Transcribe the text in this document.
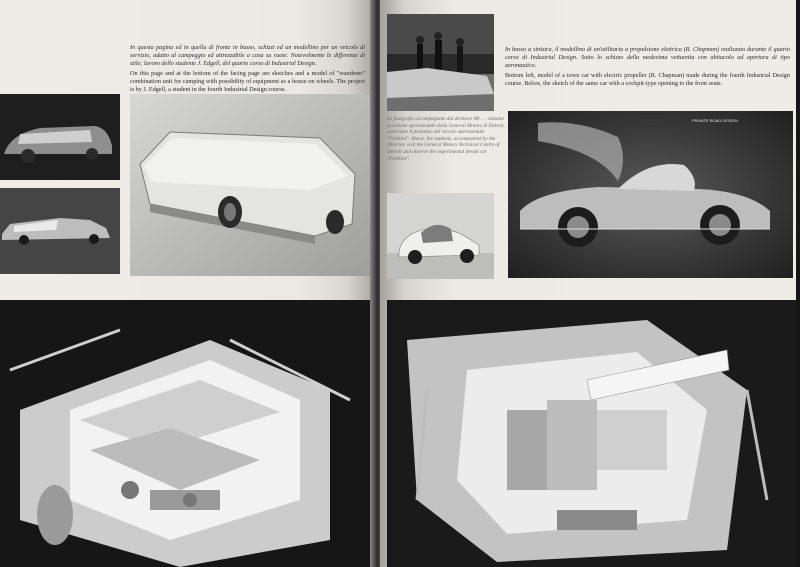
In questa pagina ed in quella di fronte in basso, schizzi ed un modellino per un veicolo di servizio, adatto al campeggio ed attrezzabile a casa su ruote. Notevolmente le differenze di stile; lavoro dello studente J. Edgell, del quarto corso di Industrial Design.

On this page and at the bottom of the facing page are sketches and a model of "wanderer" combination unit for camping with possibility of equipment as a house on wheels. The project is by J. Edgell, a student in the fourth Industrial Design course.

In basso a sinistra, il modellino di un'utilitaria a propulsione elettrica (R. Chapman) realizzato durante il quarto corso di Industrial Design. Sotto lo schizzo della medesima vetturetta con abitacolo ad apertura di tipo aeronautico.

Bottom left, model of a town car with electric propeller (R. Chapman) made during the fourth Industrial Design course. Below, the sketch of the same car with a cockpit-type opening to the front seats.

Le fotografie accompagnate dal direttore Mr. ... visitano la sezione sperimentale della General Motors di Detroit, osservano il prototipo del veicolo sperimentale "Firebird". Above, the students, accompanied by the Director, visit the General Motors Technical Centre of Detroit and observe the experimental dream car "Firebird".

PRIVATE ROAD DESIGN
